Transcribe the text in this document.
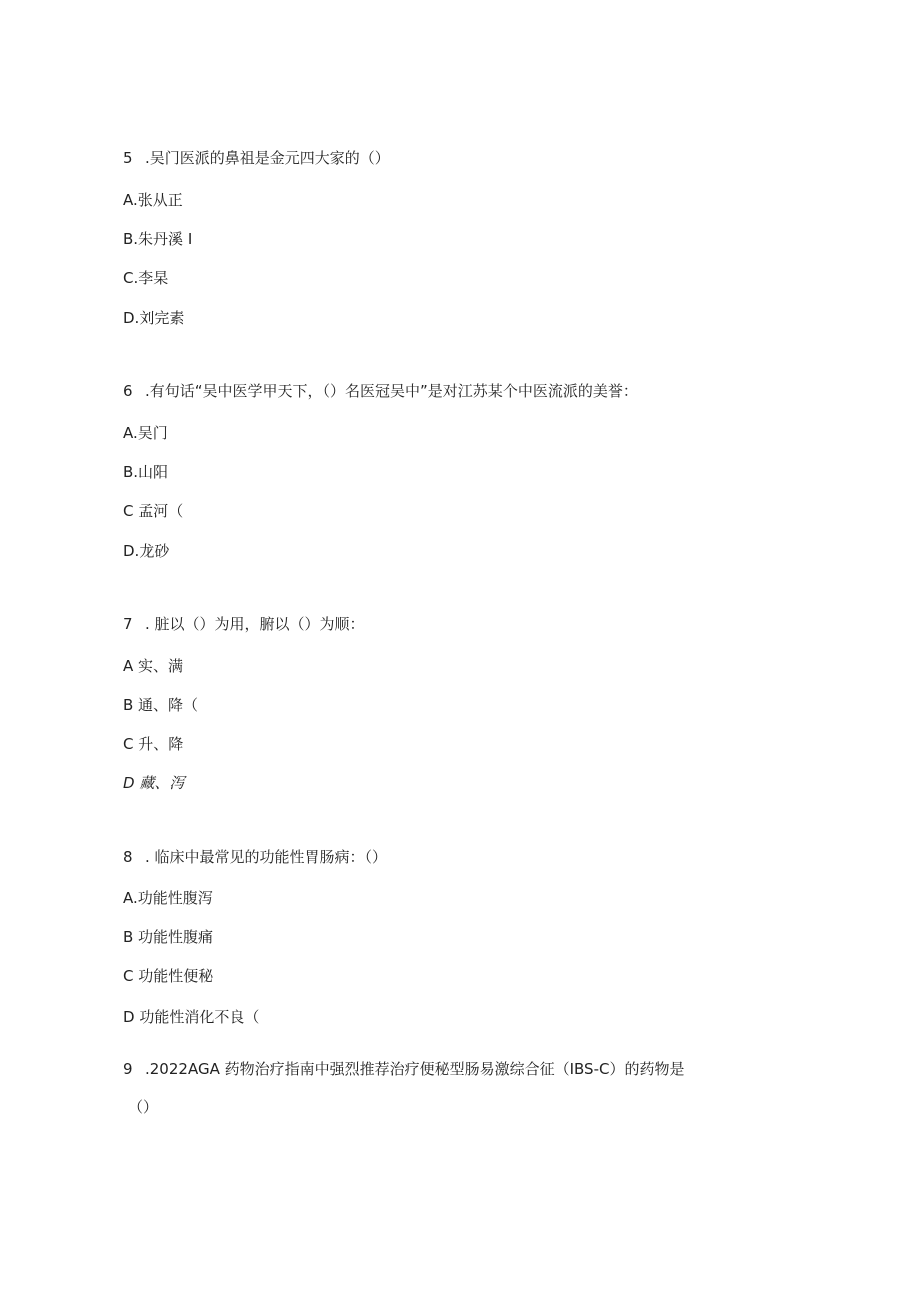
5 .吴门医派的鼻祖是金元四大家的（）
A.张从正
B.朱丹溪 I
C.李杲
D.刘完素
6 .有句话“吴中医学甲天下，（）名医冠吴中”是对江苏某个中医流派的美誉：
A.吴门
B.山阳
C 孟河（
D.龙砂
7 . 脏以（）为用，腑以（）为顺：
A 实、满
B 通、降（
C 升、降
D 藏、泻
8 . 临床中最常见的功能性胃肠病：（）
A.功能性腹泻
B 功能性腹痛
C 功能性便秘
D 功能性消化不良（
9 .2022AGA 药物治疗指南中强烈推荐治疗便秘型肠易激综合征（IBS-C）的药物是
（）
